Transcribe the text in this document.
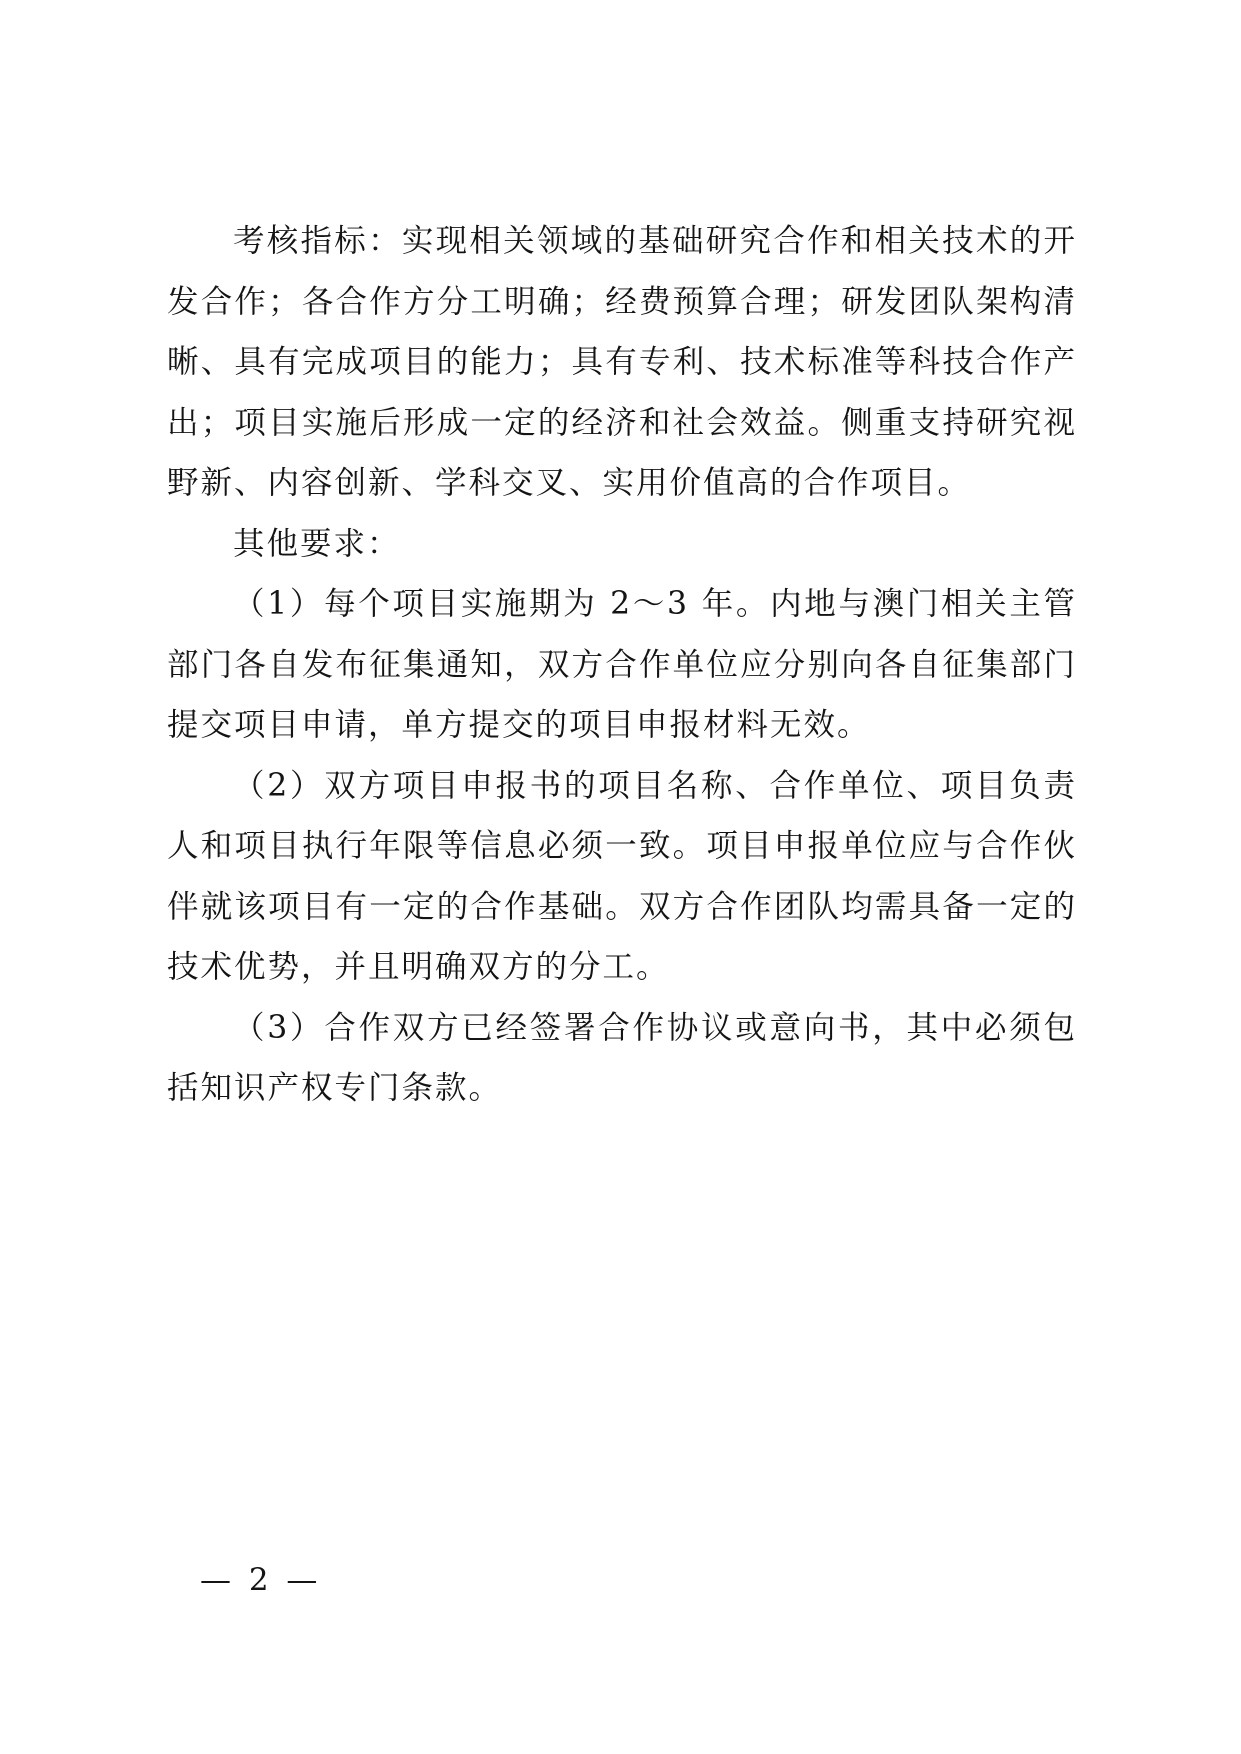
考核指标：实现相关领域的基础研究合作和相关技术的开发合作；各合作方分工明确；经费预算合理；研发团队架构清晰、具有完成项目的能力；具有专利、技术标准等科技合作产出；项目实施后形成一定的经济和社会效益。侧重支持研究视野新、内容创新、学科交叉、实用价值高的合作项目。

其他要求：

（1）每个项目实施期为 2～3 年。内地与澳门相关主管部门各自发布征集通知，双方合作单位应分别向各自征集部门提交项目申请，单方提交的项目申报材料无效。

（2）双方项目申报书的项目名称、合作单位、项目负责人和项目执行年限等信息必须一致。项目申报单位应与合作伙伴就该项目有一定的合作基础。双方合作团队均需具备一定的技术优势，并且明确双方的分工。

（3）合作双方已经签署合作协议或意向书，其中必须包括知识产权专门条款。

— 2 —
